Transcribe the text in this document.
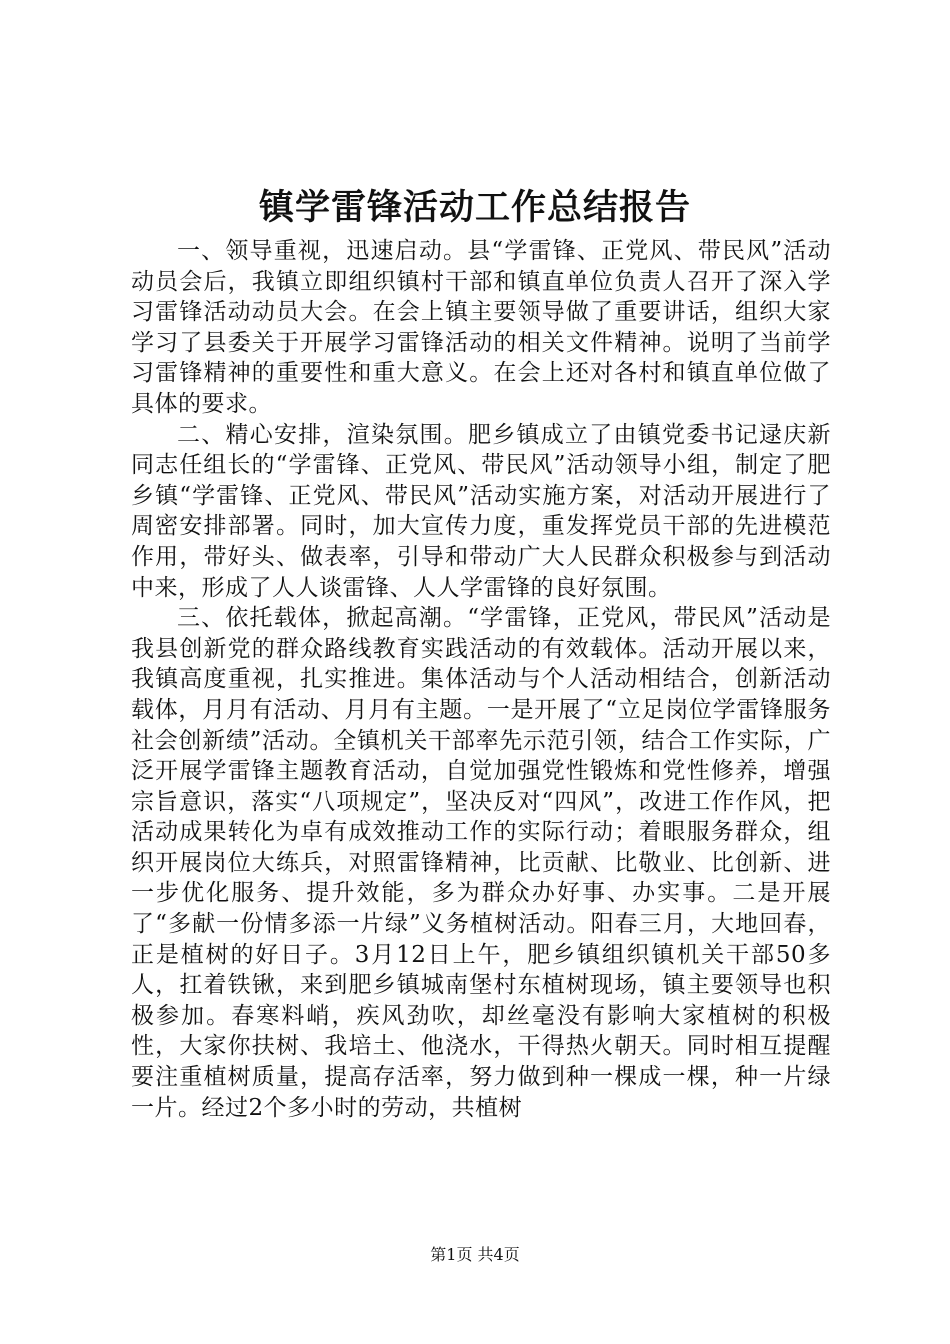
镇学雷锋活动工作总结报告

一、领导重视，迅速启动。县“学雷锋、正党风、带民风”活动动员会后，我镇立即组织镇村干部和镇直单位负责人召开了深入学习雷锋活动动员大会。在会上镇主要领导做了重要讲话，组织大家学习了县委关于开展学习雷锋活动的相关文件精神。说明了当前学习雷锋精神的重要性和重大意义。在会上还对各村和镇直单位做了具体的要求。

二、精心安排，渲染氛围。肥乡镇成立了由镇党委书记逯庆新同志任组长的“学雷锋、正党风、带民风”活动领导小组，制定了肥乡镇“学雷锋、正党风、带民风”活动实施方案，对活动开展进行了周密安排部署。同时，加大宣传力度，重发挥党员干部的先进模范作用，带好头、做表率，引导和带动广大人民群众积极参与到活动中来，形成了人人谈雷锋、人人学雷锋的良好氛围。

三、依托载体，掀起高潮。“学雷锋，正党风，带民风”活动是我县创新党的群众路线教育实践活动的有效载体。活动开展以来，我镇高度重视，扎实推进。集体活动与个人活动相结合，创新活动载体，月月有活动、月月有主题。一是开展了“立足岗位学雷锋服务社会创新绩”活动。全镇机关干部率先示范引领，结合工作实际，广泛开展学雷锋主题教育活动，自觉加强党性锻炼和党性修养，增强宗旨意识，落实“八项规定”，坚决反对“四风”，改进工作作风，把活动成果转化为卓有成效推动工作的实际行动；着眼服务群众，组织开展岗位大练兵，对照雷锋精神，比贡献、比敬业、比创新、进一步优化服务、提升效能，多为群众办好事、办实事。二是开展了“多献一份情多添一片绿”义务植树活动。阳春三月，大地回春，正是植树的好日子。3月12日上午，肥乡镇组织镇机关干部50多人，扛着铁锹，来到肥乡镇城南堡村东植树现场，镇主要领导也积极参加。春寒料峭，疾风劲吹，却丝毫没有影响大家植树的积极性，大家你扶树、我培土、他浇水，干得热火朝天。同时相互提醒要注重植树质量，提高存活率，努力做到种一棵成一棵，种一片绿一片。经过2个多小时的劳动，共植树

第1页 共4页
